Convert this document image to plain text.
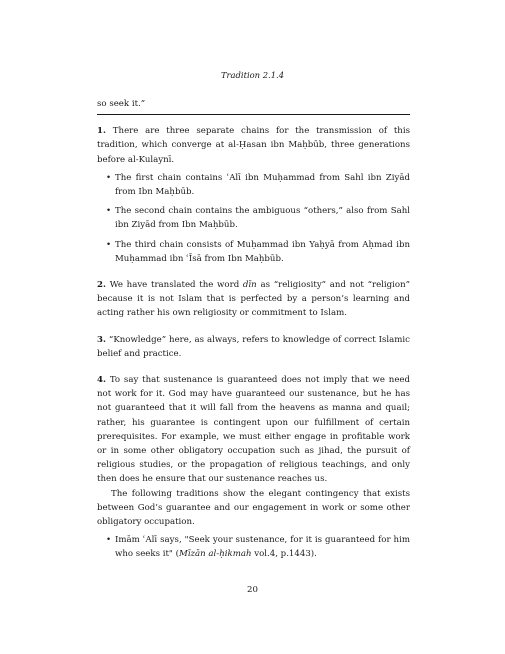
Tradition 2.1.4

so seek it.”

1. There are three separate chains for the transmission of this tradition, which converge at al-Ḥasan ibn Maḥbūb, three generations before al-Kulaynī.

• The first chain contains ʿAlī ibn Muḥammad from Sahl ibn Ziyād from Ibn Maḥbūb.
• The second chain contains the ambiguous “others,” also from Sahl ibn Ziyād from Ibn Maḥbūb.
• The third chain consists of Muḥammad ibn Yaḥyā from Aḥmad ibn Muḥammad ibn ʿĪsā from Ibn Maḥbūb.

2. We have translated the word dīn as “religiosity” and not “religion” because it is not Islam that is perfected by a person’s learning and acting rather his own religiosity or commitment to Islam.

3. “Knowledge” here, as always, refers to knowledge of correct Islamic belief and practice.

4. To say that sustenance is guaranteed does not imply that we need not work for it. God may have guaranteed our sustenance, but he has not guaranteed that it will fall from the heavens as manna and quail; rather, his guarantee is contingent upon our fulfillment of certain prerequisites. For example, we must either engage in profitable work or in some other obligatory occupation such as jihad, the pursuit of religious studies, or the propagation of religious teachings, and only then does he ensure that our sustenance reaches us.

The following traditions show the elegant contingency that exists between God’s guarantee and our engagement in work or some other obligatory occupation.

• Imām ʿAlī says, "Seek your sustenance, for it is guaranteed for him who seeks it" (Mīzān al-ḥikmah vol.4, p.1443).
20
